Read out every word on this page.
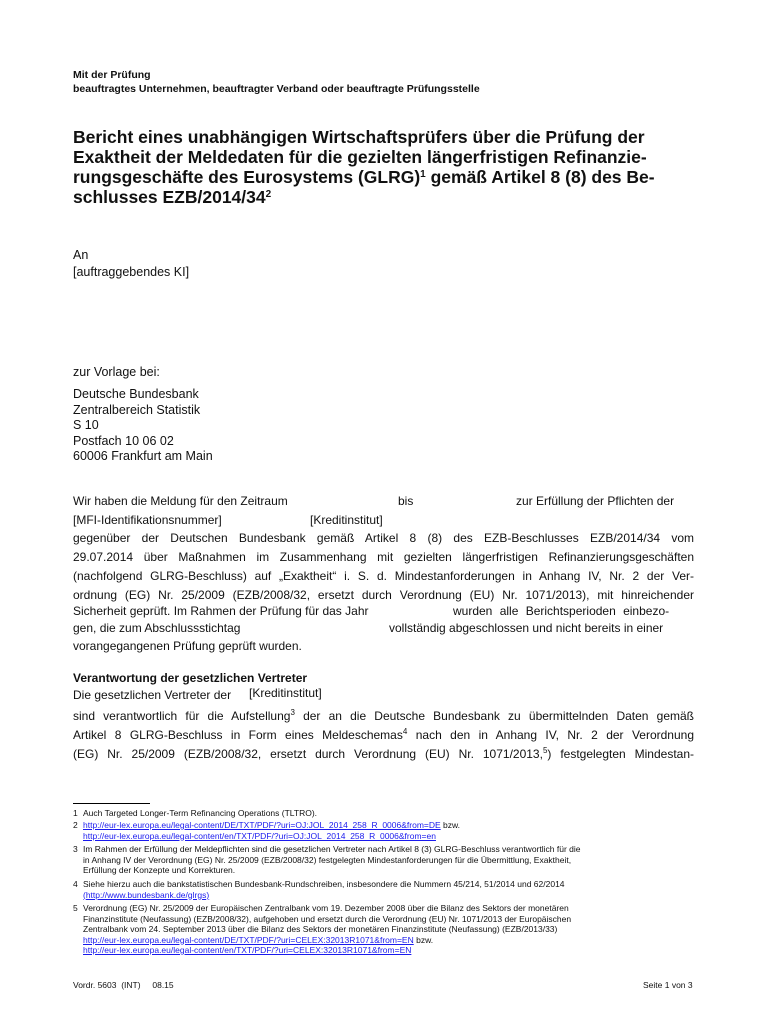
Mit der Prüfung
beauftragtes Unternehmen, beauftragter Verband oder beauftragte Prüfungsstelle
Bericht eines unabhängigen Wirtschaftsprüfers über die Prüfung der
Exaktheit der Meldedaten für die gezielten längerfristigen Refinanzie-
rungsgeschäfte des Eurosystems (GLRG)$^1$ gemäß Artikel 8 (8) des Be-
schlusses EZB/$2014/34^2$
An
[auftraggebendes KI]
zur Vorlage bei:
Deutsche Bundesbank
Zentralbereich Statistik
S 10
Postfach 10 06 02
60006 Frankfurt am Main
Wir haben die Meldung für den Zeitraum	bis	zur Erfüllung der Pflichten der
[MFI-Identifikationsnummer]	[Kreditinstitut]
gegenüber der Deutschen Bundesbank gemäß Artikel 8 (8) des EZB-Beschlusses EZB/2014/34 vom
29.07.2014 über Maßnahmen im Zusammenhang mit gezielten längerfristigen Refinanzierungsgeschäften
(nachfolgend GLRG-Beschluss) auf „Exaktheit“ i. S. d. Mindestanforderungen in Anhang IV, Nr. 2 der Ver-
ordnung (EG) Nr. 25/2009 (EZB/2008/32, ersetzt durch Verordnung (EU) Nr. 1071/2013), mit hinreichender
Sicherheit geprüft. Im Rahmen der Prüfung für das Jahr	wurden alle Berichtsperioden einbezo-
gen, die zum Abschlussstichtag	vollständig abgeschlossen und nicht bereits in einer
vorangegangenen Prüfung geprüft wurden.
Verantwortung der gesetzlichen Vertreter
Die gesetzlichen Vertreter der [Kreditinstitut]
sind verantwortlich für die Aufstellung$^3$ der an die Deutsche Bundesbank zu übermittelnden Daten gemäß
Artikel 8 GLRG-Beschluss in Form eines Meldeschemas$^4$ nach den in Anhang IV, Nr. 2 der Verordnung
(EG) Nr. 25/2009 (EZB/2008/32, ersetzt durch Verordnung (EU) Nr. 1071/2013,$^5$) festgelegten Mindestan-
1 Auch Targeted Longer-Term Refinancing Operations (TLTRO).
2 http://eur-lex.europa.eu/legal-content/DE/TXT/PDF/?uri=OJ:JOL_2014_258_R_0006&from=DE bzw.
http://eur-lex.europa.eu/legal-content/en/TXT/PDF/?uri=OJ:JOL_2014_258_R_0006&from=en
3 Im Rahmen der Erfüllung der Meldepflichten sind die gesetzlichen Vertreter nach Artikel 8 (3) GLRG-Beschluss verantwortlich für die
in Anhang IV der Verordnung (EG) Nr. 25/2009 (EZB/2008/32) festgelegten Mindestanforderungen für die Übermittlung, Exaktheit,
Erfüllung der Konzepte und Korrekturen.
4 Siehe hierzu auch die bankstatistischen Bundesbank-Rundschreiben, insbesondere die Nummern 45/214, 51/2014 und 62/2014
(http://www.bundesbank.de/glrgs)
5 Verordnung (EG) Nr. 25/2009 der Europäischen Zentralbank vom 19. Dezember 2008 über die Bilanz des Sektors der monetären
Finanzinstitute (Neufassung) (EZB/2008/32), aufgehoben und ersetzt durch die Verordnung (EU) Nr. 1071/2013 der Europäischen
Zentralbank vom 24. September 2013 über die Bilanz des Sektors der monetären Finanzinstitute (Neufassung) (EZB/2013/33)
http://eur-lex.europa.eu/legal-content/DE/TXT/PDF/?uri=CELEX:32013R1071&from=EN bzw.
http://eur-lex.europa.eu/legal-content/en/TXT/PDF/?uri=CELEX:32013R1071&from=EN
Vordr. 5603  (INT)     08.15	Seite 1 von 3
